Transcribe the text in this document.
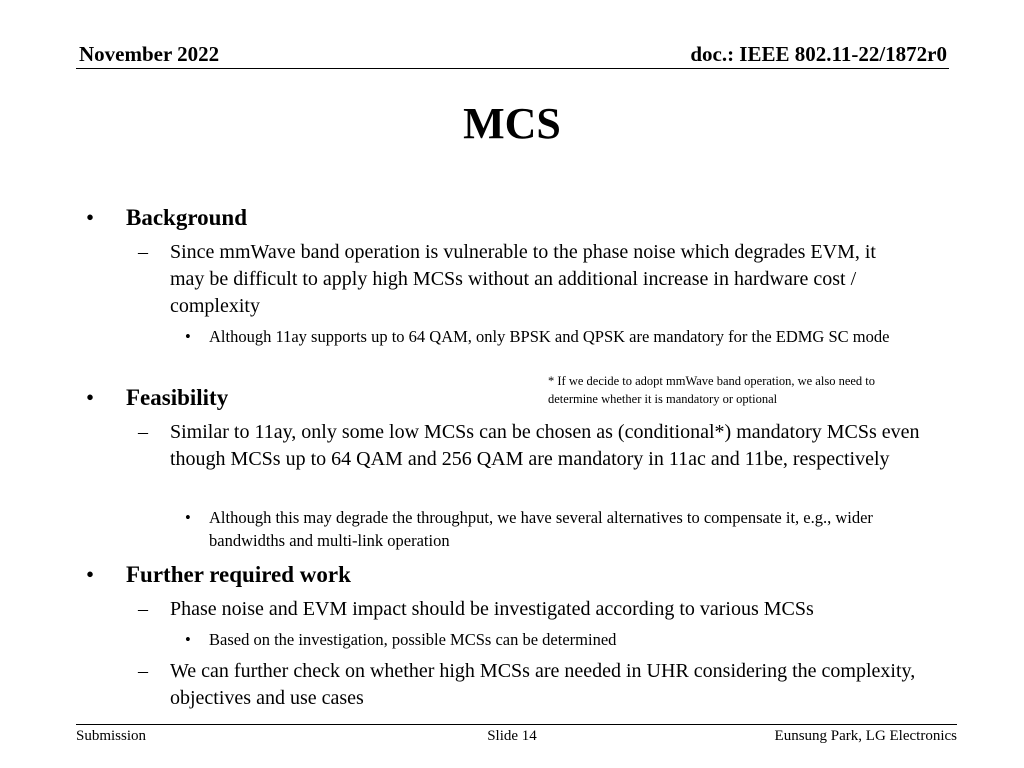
November 2022	doc.: IEEE 802.11-22/1872r0
MCS
• Background
– Since mmWave band operation is vulnerable to the phase noise which degrades EVM, it may be difficult to apply high MCSs without an additional increase in hardware cost / complexity
• Although 11ay supports up to 64 QAM, only BPSK and QPSK are mandatory for the EDMG SC mode
* If we decide to adopt mmWave band operation, we also need to determine whether it is mandatory or optional
• Feasibility
– Similar to 11ay, only some low MCSs can be chosen as (conditional*) mandatory MCSs even though MCSs up to 64 QAM and 256 QAM are mandatory in 11ac and 11be, respectively
• Although this may degrade the throughput, we have several alternatives to compensate it, e.g., wider bandwidths and multi-link operation
• Further required work
– Phase noise and EVM impact should be investigated according to various MCSs
• Based on the investigation, possible MCSs can be determined
– We can further check on whether high MCSs are needed in UHR considering the complexity, objectives and use cases
Submission	Slide 14	Eunsung Park, LG Electronics
